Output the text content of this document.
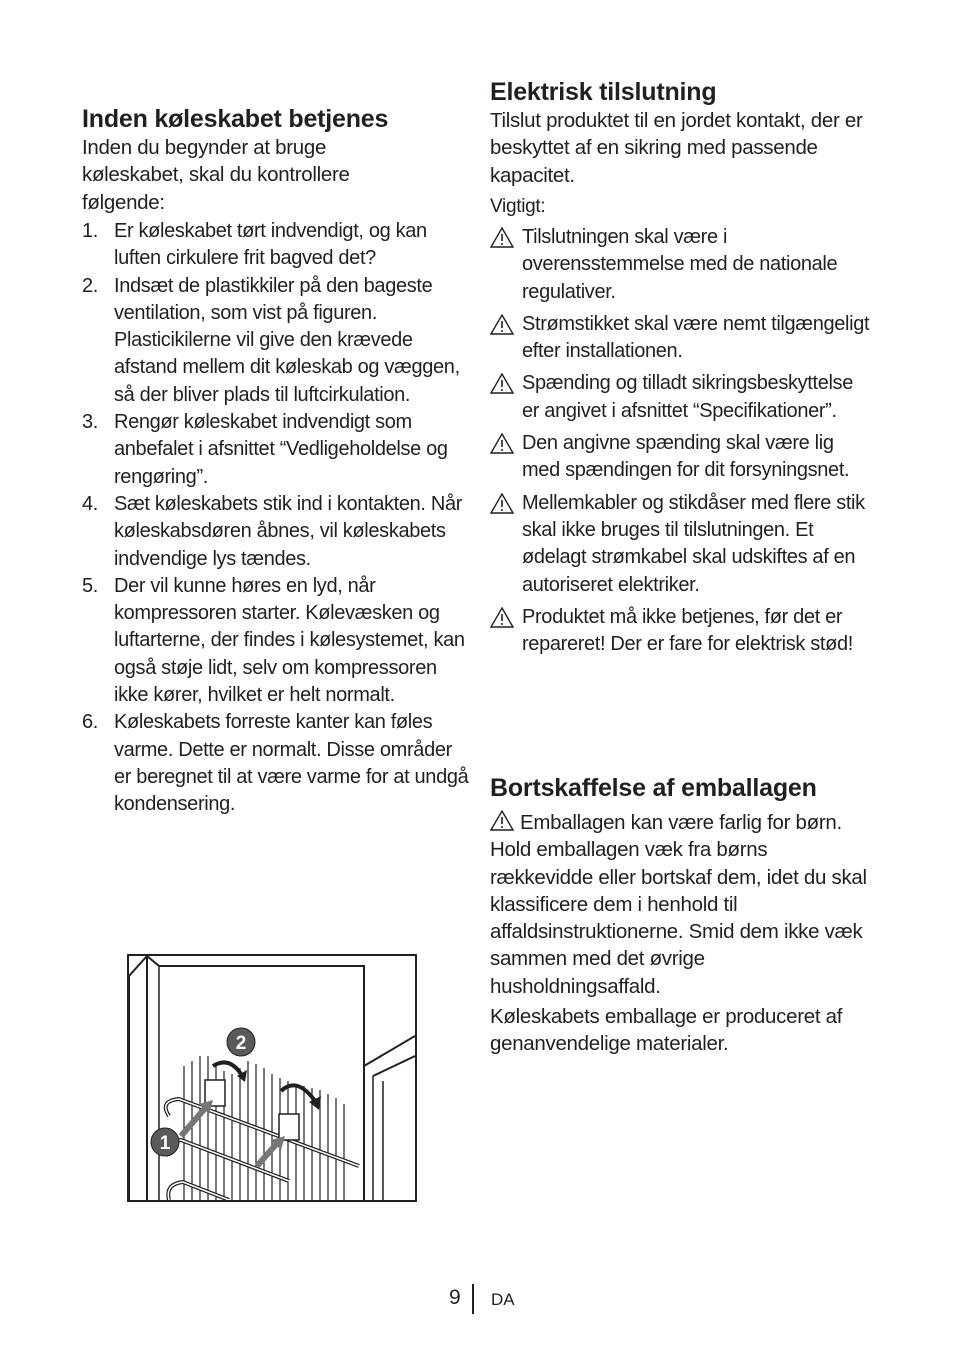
Inden køleskabet betjenes

Inden du begynder at bruge køleskabet, skal du kontrollere følgende:

1. Er køleskabet tørt indvendigt, og kan luften cirkulere frit bagved det?
2. Indsæt de plastikkiler på den bageste ventilation, som vist på figuren. Plasticikilerne vil give den krævede afstand mellem dit køleskab og væggen, så der bliver plads til luftcirkulation.
3. Rengør køleskabet indvendigt som anbefalet i afsnittet “Vedligeholdelse og rengøring”.
4. Sæt køleskabets stik ind i kontakten. Når køleskabsdøren åbnes, vil køleskabets indvendige lys tændes.
5. Der vil kunne høres en lyd, når kompressoren starter. Kølevæsken og luftarterne, der findes i kølesystemet, kan også støje lidt, selv om kompressoren ikke kører, hvilket er helt normalt.
6. Køleskabets forreste kanter kan føles varme. Dette er normalt. Disse områder er beregnet til at være varme for at undgå kondensering.
2
1
Elektrisk tilslutning

Tilslut produktet til en jordet kontakt, der er beskyttet af en sikring med passende kapacitet.

Vigtigt:

Tilslutningen skal være i overensstemmelse med de nationale regulativer.
Strømstikket skal være nemt tilgængeligt efter installationen.
Spænding og tilladt sikringsbeskyttelse er angivet i afsnittet “Specifikationer”.
Den angivne spænding skal være lig med spændingen for dit forsyningsnet.
Mellemkabler og stikdåser med flere stik skal ikke bruges til tilslutningen. Et ødelagt strømkabel skal udskiftes af en autoriseret elektriker.
Produktet må ikke betjenes, før det er repareret! Der er fare for elektrisk stød!
Bortskaffelse af emballagen

Emballagen kan være farlig for børn. Hold emballagen væk fra børns rækkevidde eller bortskaf dem, idet du skal klassificere dem i henhold til affaldsinstruktionerne. Smid dem ikke væk sammen med det øvrige husholdningsaffald.

Køleskabets emballage er produceret af genanvendelige materialer.

9 DA
